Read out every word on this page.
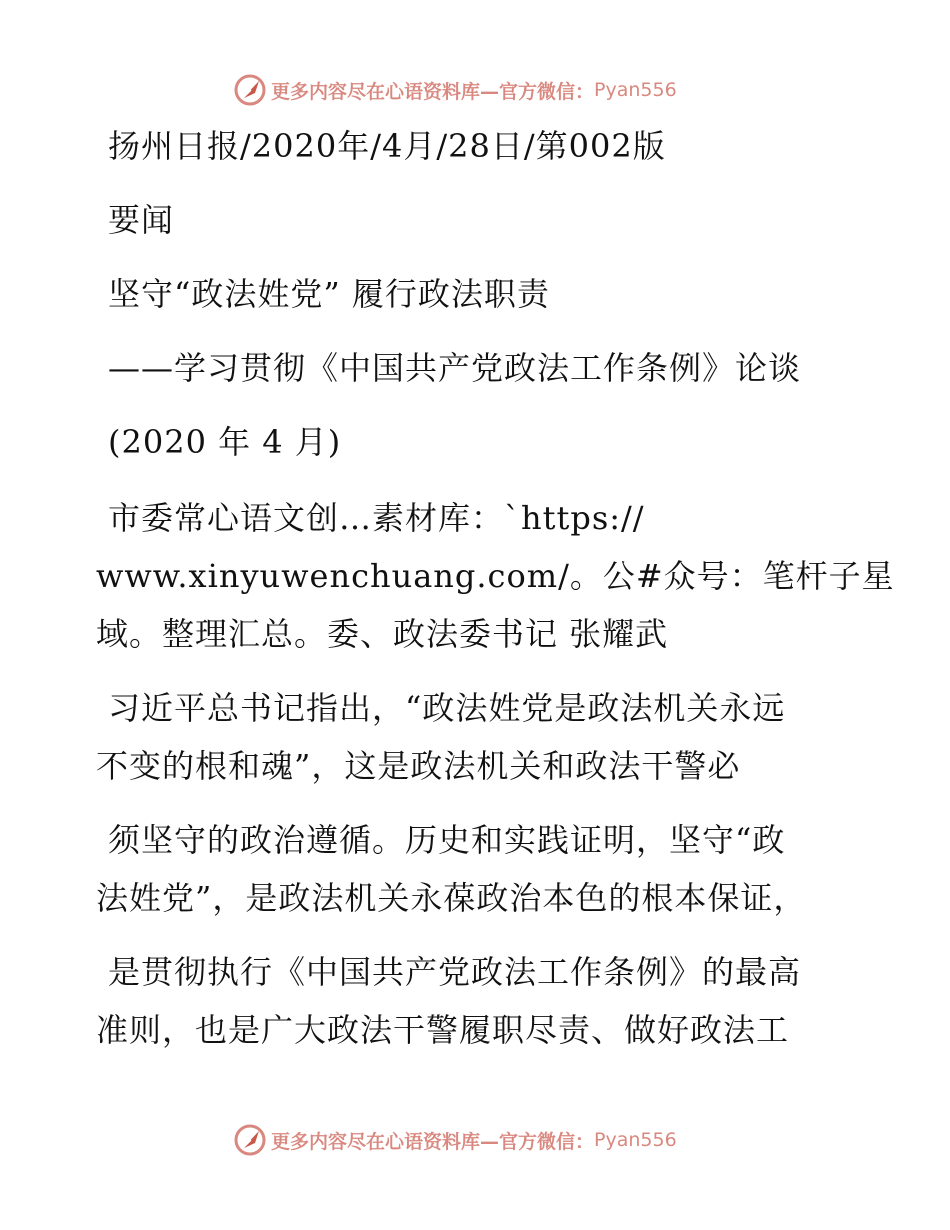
更多内容尽在心语资料库—官方微信： Pyan556
扬州日报/2020年/4月/28日/第002版
要闻
坚守“政法姓党” 履行政法职责
——学习贯彻《中国共产党政法工作条例》论谈
(2020 年 4 月)
市委常心语文创…素材库：`https://
www.xinyuwenchuang.com/。公#众号：笔杆子星
域。整理汇总。委、政法委书记 张耀武
习近平总书记指出，“政法姓党是政法机关永远
不变的根和魂”，这是政法机关和政法干警必
须坚守的政治遵循。历史和实践证明，坚守“政
法姓党”，是政法机关永葆政治本色的根本保证，
是贯彻执行《中国共产党政法工作条例》的最高
准则，也是广大政法干警履职尽责、做好政法工
更多内容尽在心语资料库—官方微信： Pyan556
